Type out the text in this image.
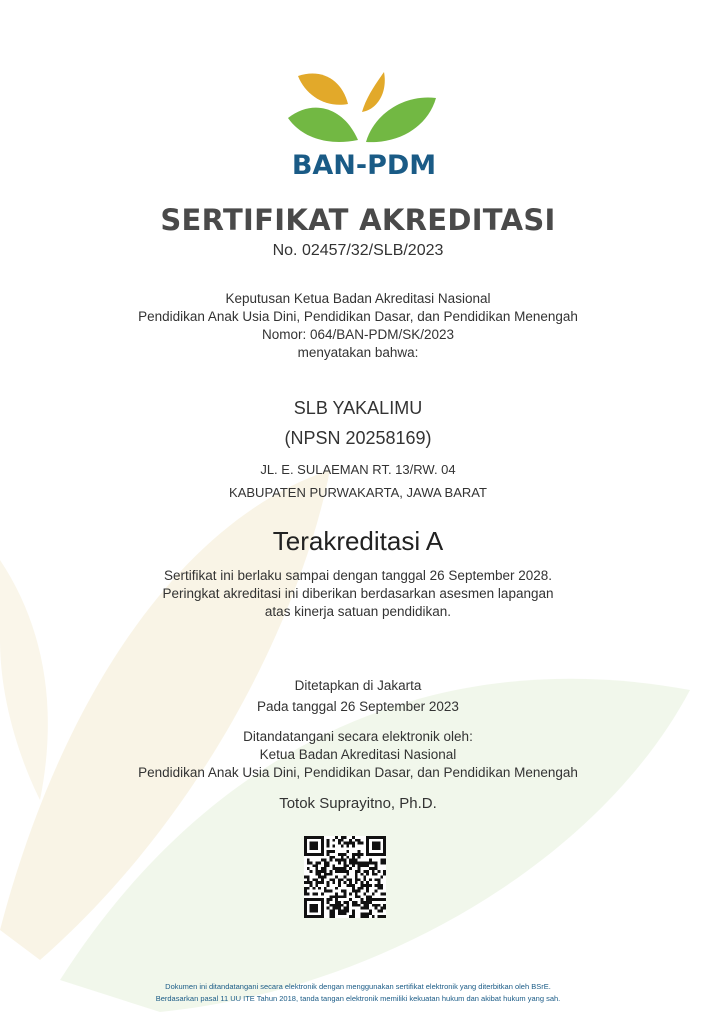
BAN-PDM
SERTIFIKAT AKREDITASI
No. 02457/32/SLB/2023
Keputusan Ketua Badan Akreditasi Nasional
Pendidikan Anak Usia Dini, Pendidikan Dasar, dan Pendidikan Menengah
Nomor: 064/BAN-PDM/SK/2023
menyatakan bahwa:
SLB YAKALIMU
(NPSN 20258169)
JL. E. SULAEMAN RT. 13/RW. 04
KABUPATEN PURWAKARTA, JAWA BARAT
Terakreditasi A
Sertifikat ini berlaku sampai dengan tanggal 26 September 2028.
Peringkat akreditasi ini diberikan berdasarkan asesmen lapangan
atas kinerja satuan pendidikan.
Ditetapkan di Jakarta
Pada tanggal 26 September 2023
Ditandatangani secara elektronik oleh:
Ketua Badan Akreditasi Nasional
Pendidikan Anak Usia Dini, Pendidikan Dasar, dan Pendidikan Menengah
Totok Suprayitno, Ph.D.
Dokumen ini ditandatangani secara elektronik dengan menggunakan sertifikat elektronik yang diterbitkan oleh BSrE.
Berdasarkan pasal 11 UU ITE Tahun 2018, tanda tangan elektronik memiliki kekuatan hukum dan akibat hukum yang sah.
